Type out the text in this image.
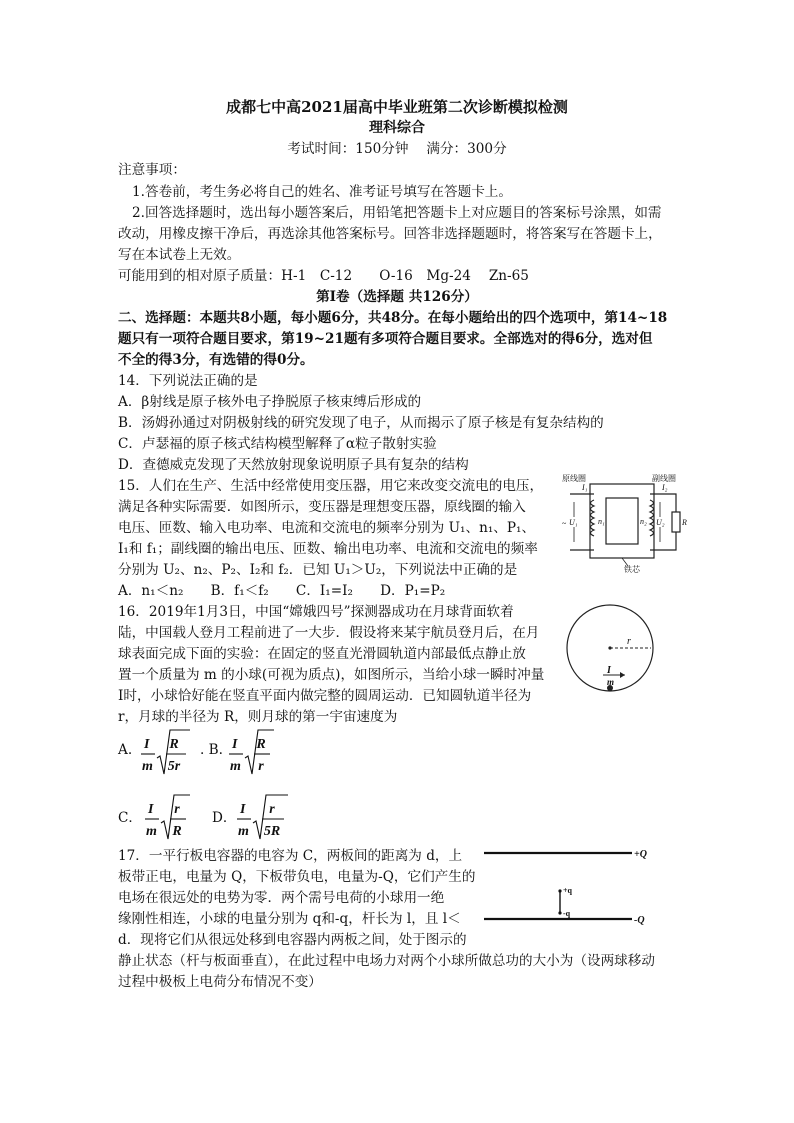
成都七中高2021届高中毕业班第二次诊断模拟检测
理科综合
考试时间：150分钟　 满分：300分
注意事项：
1.答卷前，考生务必将自己的姓名、准考证号填写在答题卡上。
2.回答选择题时，选出每小题答案后，用铅笔把答题卡上对应题目的答案标号涂黑，如需
改动，用橡皮擦干净后，再选涂其他答案标号。回答非选择题题时，将答案写在答题卡上，
写在本试卷上无效。
可能用到的相对原子质量：H-1　C-12　　O-16　Mg-24　 Zn-65
第Ⅰ卷（选择题 共126分）
二、选择题：本题共8小题，每小题6分，共48分。在每小题给出的四个选项中，第14~18
题只有一项符合题目要求，第19~21题有多项符合题目要求。全部选对的得6分，选对但
不全的得3分，有选错的得0分。
14．下列说法正确的是
A．β射线是原子核外电子挣脱原子核束缚后形成的
B．汤姆孙通过对阴极射线的研究发现了电子，从而揭示了原子核是有复杂结构的
C．卢瑟福的原子核式结构模型解释了α粒子散射实验
D．查德威克发现了天然放射现象说明原子具有复杂的结构
15．人们在生产、生活中经常使用变压器，用它来改变交流电的电压，
满足各种实际需要．如图所示，变压器是理想变压器，原线圈的输入
电压、匝数、输入电功率、电流和交流电的频率分别为 U₁、n₁、P₁、
I₁和 f₁；副线圈的输出电压、匝数、输出电功率、电流和交流电的频率
分别为 U₂、n₂、P₂、I₂和 f₂．已知 U₁＞U₂，下列说法中正确的是
A．n₁＜n₂　　B．f₁＜f₂　　C．I₁=I₂　　D．P₁=P₂
原线圈	副线圈
~ U₁	U₂
n₁	n₂
I₁	I₂
R
铁芯
16．2019年1月3日，中国“嫦娥四号”探测器成功在月球背面软着
陆，中国载人登月工程前进了一大步．假设将来某宇航员登月后，在月
球表面完成下面的实验：在固定的竖直光滑圆轨道内部最低点静止放
置一个质量为 m 的小球(可视为质点)，如图所示，当给小球一瞬时冲量
I时，小球恰好能在竖直平面内做完整的圆周运动．已知圆轨道半径为
r，月球的半径为 R，则月球的第一宇宙速度为
r
I
m
A. I
m
R
5r
. B. I
m
R
r
C．
I
m
r
R
D．
I
m
r
5R
17．一平行板电容器的电容为 C，两板间的距离为 d，上
板带正电，电量为 Q，下板带负电，电量为-Q，它们产生的
电场在很远处的电势为零．两个需号电荷的小球用一绝
缘刚性相连，小球的电量分别为 q和-q，杆长为 l，且 l＜
d．现将它们从很远处移到电容器内两板之间，处于图示的
静止状态（杆与板面垂直），在此过程中电场力对两个小球所做总功的大小为（设两球移动
过程中极板上电荷分布情况不变）
+Q
-Q
+q
-q
